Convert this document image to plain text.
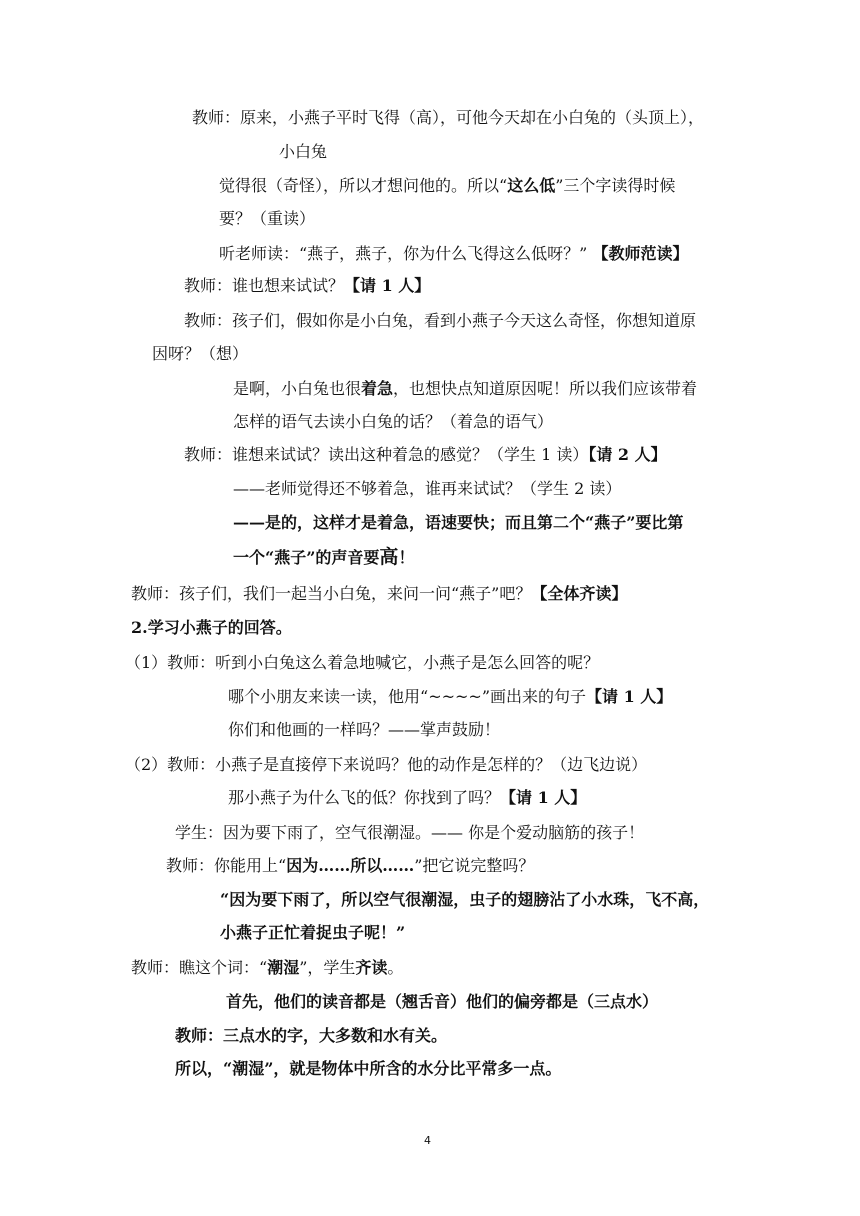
教师：原来，小燕子平时飞得（高），可他今天却在小白兔的（头顶上），
小白兔
觉得很（奇怪），所以才想问他的。所以“这么低”三个字读得时候
要？（重读）
听老师读：“燕子，燕子，你为什么飞得这么低呀？” 【教师范读】
教师：谁也想来试试？【请 1 人】
教师：孩子们，假如你是小白兔，看到小燕子今天这么奇怪，你想知道原
因呀？（想）
是啊，小白兔也很着急，也想快点知道原因呢！所以我们应该带着
怎样的语气去读小白兔的话？（着急的语气）
教师：谁想来试试？读出这种着急的感觉？（学生 1 读）【请 2 人】
——老师觉得还不够着急，谁再来试试？（学生 2 读）
——是的，这样才是着急，语速要快；而且第二个“燕子”要比第
一个“燕子”的声音要高！
教师：孩子们，我们一起当小白兔，来问一问“燕子”吧？【全体齐读】
2.学习小燕子的回答。
（1）教师：听到小白兔这么着急地喊它，小燕子是怎么回答的呢？
哪个小朋友来读一读，他用“~~~~”画出来的句子【请 1 人】
你们和他画的一样吗？——掌声鼓励！
（2）教师：小燕子是直接停下来说吗？他的动作是怎样的？（边飞边说）
那小燕子为什么飞的低？你找到了吗？【请 1 人】
学生：因为要下雨了，空气很潮湿。—— 你是个爱动脑筋的孩子！
教师：你能用上“因为……所以……”把它说完整吗？
“因为要下雨了，所以空气很潮湿，虫子的翅膀沾了小水珠，飞不高，
小燕子正忙着捉虫子呢！”
教师：瞧这个词：“潮湿”，学生齐读。
首先，他们的读音都是（翘舌音）他们的偏旁都是（三点水）
教师：三点水的字，大多数和水有关。
所以，“潮湿”，就是物体中所含的水分比平常多一点。
4
